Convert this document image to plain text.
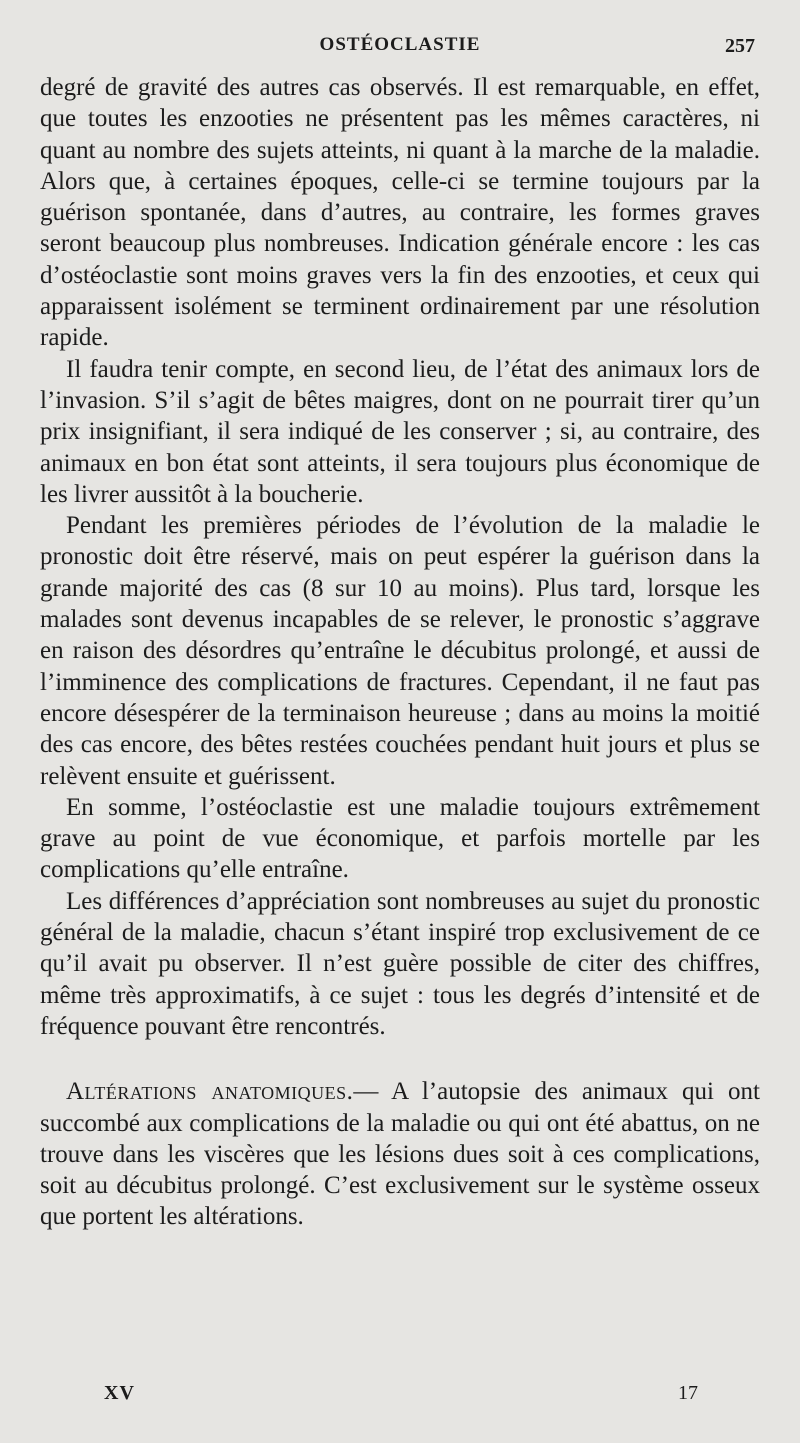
OSTÉOCLASTIE	257

degré de gravité des autres cas observés. Il est remarquable, en effet, que toutes les enzooties ne présentent pas les mêmes caractères, ni quant au nombre des sujets atteints, ni quant à la marche de la maladie. Alors que, à certaines époques, celle-ci se termine toujours par la guérison spontanée, dans d’autres, au contraire, les formes graves seront beaucoup plus nombreuses. Indication générale encore : les cas d’ostéoclastie sont moins graves vers la fin des enzooties, et ceux qui apparaissent isolément se terminent ordinairement par une résolution rapide.

Il faudra tenir compte, en second lieu, de l’état des animaux lors de l’invasion. S’il s’agit de bêtes maigres, dont on ne pourrait tirer qu’un prix insignifiant, il sera indiqué de les conserver ; si, au contraire, des animaux en bon état sont atteints, il sera toujours plus économique de les livrer aussitôt à la boucherie.

Pendant les premières périodes de l’évolution de la maladie le pronostic doit être réservé, mais on peut espérer la guérison dans la grande majorité des cas (8 sur 10 au moins). Plus tard, lorsque les malades sont devenus incapables de se relever, le pronostic s’aggrave en raison des désordres qu’entraîne le décubitus prolongé, et aussi de l’imminence des complications de fractures. Cependant, il ne faut pas encore désespérer de la terminaison heureuse ; dans au moins la moitié des cas encore, des bêtes restées couchées pendant huit jours et plus se relèvent ensuite et guérissent.

En somme, l’ostéoclastie est une maladie toujours extrêmement grave au point de vue économique, et parfois mortelle par les complications qu’elle entraîne.

Les différences d’appréciation sont nombreuses au sujet du pronostic général de la maladie, chacun s’étant inspiré trop exclusivement de ce qu’il avait pu observer. Il n’est guère possible de citer des chiffres, même très approximatifs, à ce sujet : tous les degrés d’intensité et de fréquence pouvant être rencontrés.

Altérations anatomiques.— A l’autopsie des animaux qui ont succombé aux complications de la maladie ou qui ont été abattus, on ne trouve dans les viscères que les lésions dues soit à ces complications, soit au décubitus prolongé. C’est exclusivement sur le système osseux que portent les altérations.

XV	17
